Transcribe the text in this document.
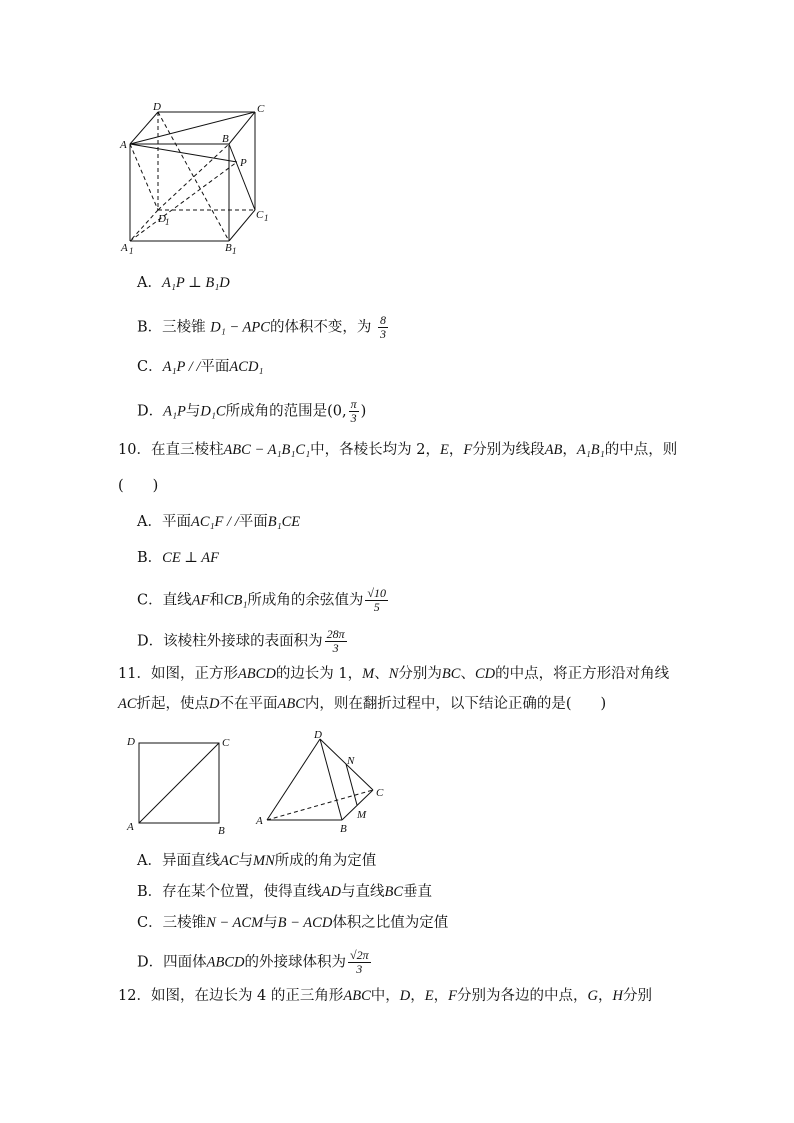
D	C
A	B
P
D 1
C 1
A 1	B 1
A．A₁P ⊥ B₁D
B．三棱锥 D₁ − APC的体积不变，为 $\frac{8}{3}$
C．A₁P / /平面ACD₁
D．A₁P与D₁C所成角的范围是(0, $\frac{\pi}{3}$ )
10．在直三棱柱ABC − A₁B₁C₁中，各棱长均为 2，E，F分别为线段AB，A₁B₁的中点，则
(　　)
A．平面AC₁F / /平面B₁CE
B．CE ⊥ AF
C．直线AF和CB₁所成角的余弦值为 $\frac{√10}{5}$
D．该棱柱外接球的表面积为 $\frac{28\pi}{3}$
11．如图，正方形ABCD的边长为 1，M、N分别为BC、CD的中点，将正方形沿对角线
AC折起，使点D不在平面ABC内，则在翻折过程中，以下结论正确的是(　　)
D	C
A	B
D
N
C
A
B
M
A．异面直线AC与MN所成的角为定值
B．存在某个位置，使得直线AD与直线BC垂直
C．三棱锥N − ACM与B − ACD体积之比值为定值
D．四面体ABCD的外接球体积为 $\frac{√2\pi}{3}$
12．如图，在边长为 4 的正三角形ABC中，D，E，F分别为各边的中点，G，H分别
